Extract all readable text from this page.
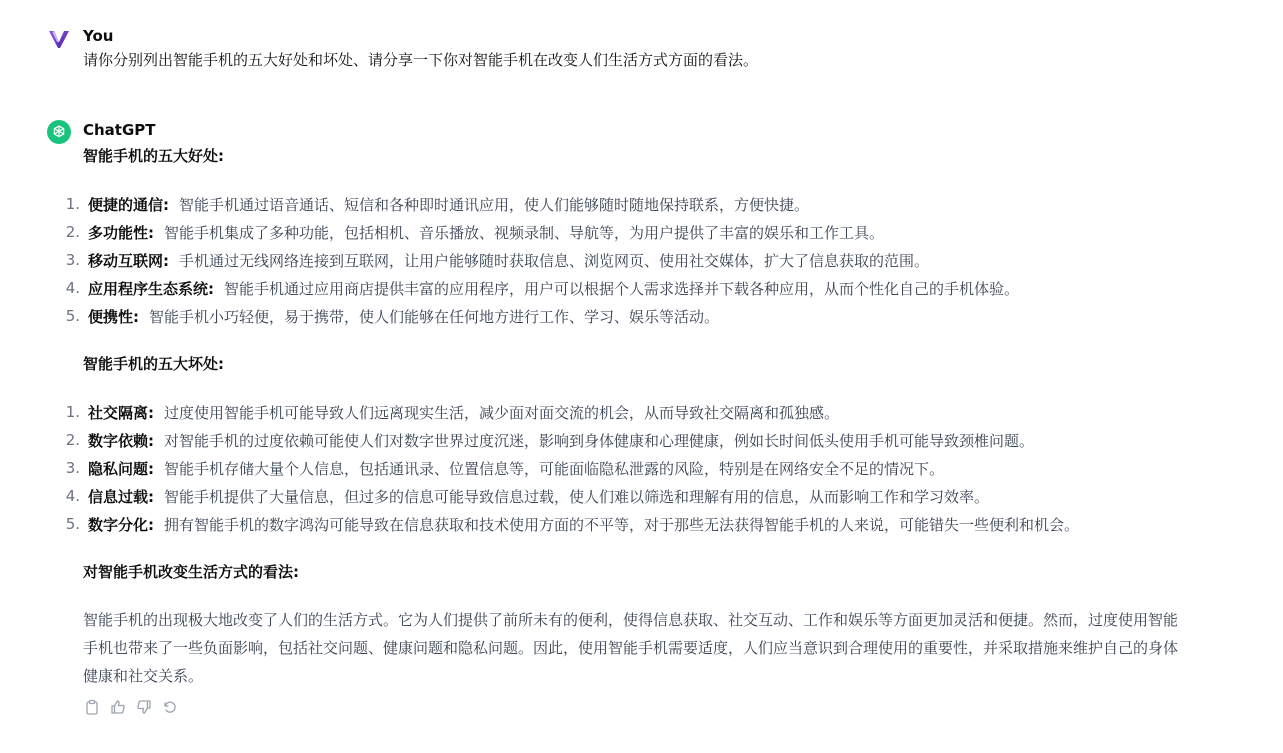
You
请你分别列出智能手机的五大好处和坏处、请分享一下你对智能手机在改变人们生活方式方面的看法。
ChatGPT
智能手机的五大好处:
1. 便捷的通信: 智能手机通过语音通话、短信和各种即时通讯应用，使人们能够随时随地保持联系，方便快捷。
2. 多功能性: 智能手机集成了多种功能，包括相机、音乐播放、视频录制、导航等，为用户提供了丰富的娱乐和工作工具。
3. 移动互联网: 手机通过无线网络连接到互联网，让用户能够随时获取信息、浏览网页、使用社交媒体，扩大了信息获取的范围。
4. 应用程序生态系统: 智能手机通过应用商店提供丰富的应用程序，用户可以根据个人需求选择并下载各种应用，从而个性化自己的手机体验。
5. 便携性: 智能手机小巧轻便，易于携带，使人们能够在任何地方进行工作、学习、娱乐等活动。
智能手机的五大坏处:
1. 社交隔离: 过度使用智能手机可能导致人们远离现实生活，减少面对面交流的机会，从而导致社交隔离和孤独感。
2. 数字依赖: 对智能手机的过度依赖可能使人们对数字世界过度沉迷，影响到身体健康和心理健康，例如长时间低头使用手机可能导致颈椎问题。
3. 隐私问题: 智能手机存储大量个人信息，包括通讯录、位置信息等，可能面临隐私泄露的风险，特别是在网络安全不足的情况下。
4. 信息过载: 智能手机提供了大量信息，但过多的信息可能导致信息过载，使人们难以筛选和理解有用的信息，从而影响工作和学习效率。
5. 数字分化: 拥有智能手机的数字鸿沟可能导致在信息获取和技术使用方面的不平等，对于那些无法获得智能手机的人来说，可能错失一些便利和机会。
对智能手机改变生活方式的看法:

智能手机的出现极大地改变了人们的生活方式。它为人们提供了前所未有的便利，使得信息获取、社交互动、工作和娱乐等方面更加灵活和便捷。然而，过度使用智能手机也带来了一些负面影响，包括社交问题、健康问题和隐私问题。因此，使用智能手机需要适度，人们应当意识到合理使用的重要性，并采取措施来维护自己的身体健康和社交关系。
